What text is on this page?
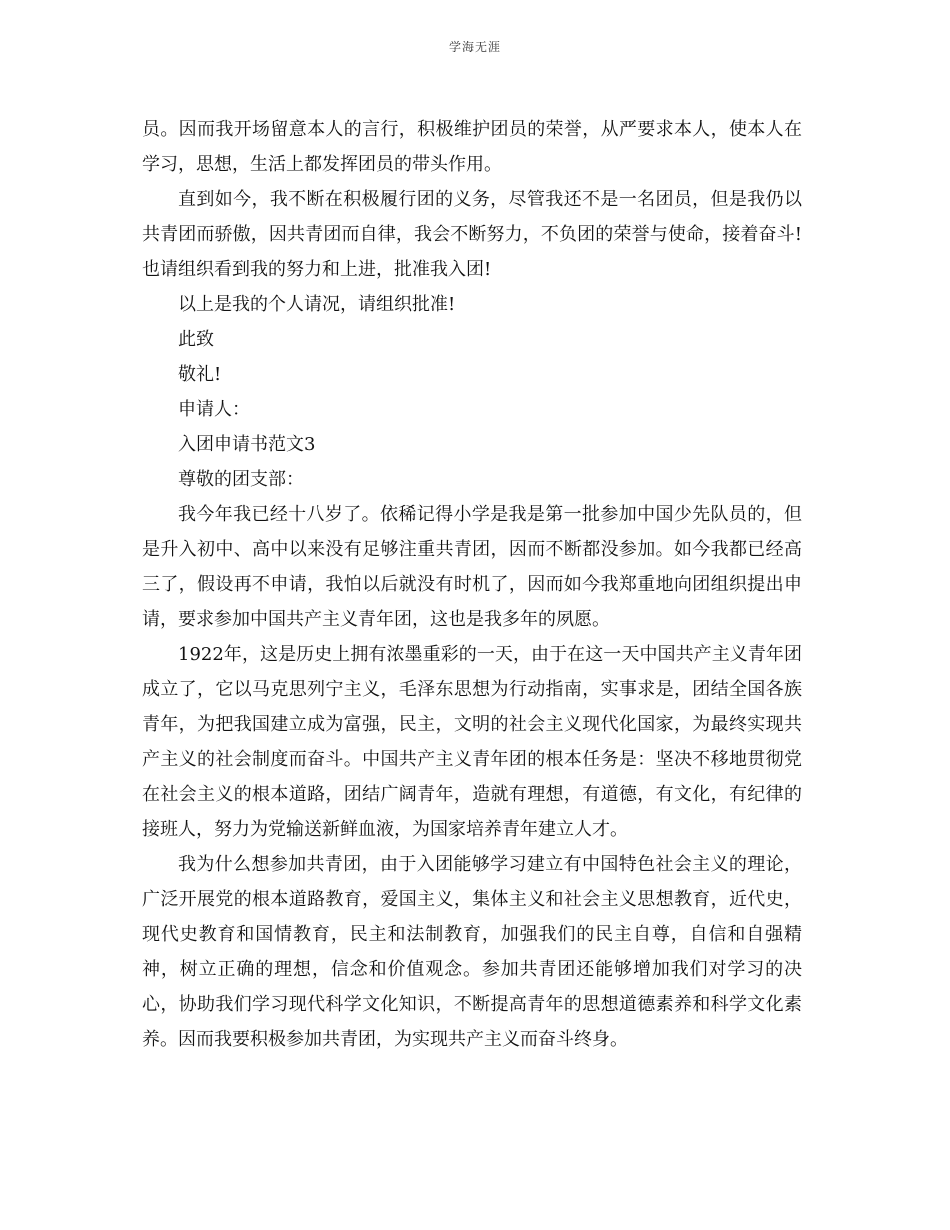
学海无涯

员。因而我开场留意本人的言行，积极维护团员的荣誉，从严要求本人，使本人在学习，思想，生活上都发挥团员的带头作用。

直到如今，我不断在积极履行团的义务，尽管我还不是一名团员，但是我仍以共青团而骄傲，因共青团而自律，我会不断努力，不负团的荣誉与使命，接着奋斗!也请组织看到我的努力和上进，批准我入团!

以上是我的个人请况，请组织批准!

此致

敬礼!

申请人：

入团申请书范文3

尊敬的团支部：

我今年我已经十八岁了。依稀记得小学是我是第一批参加中国少先队员的，但是升入初中、高中以来没有足够注重共青团，因而不断都没参加。如今我都已经高三了，假设再不申请，我怕以后就没有时机了，因而如今我郑重地向团组织提出申请，要求参加中国共产主义青年团，这也是我多年的夙愿。

1922年，这是历史上拥有浓墨重彩的一天，由于在这一天中国共产主义青年团成立了，它以马克思列宁主义，毛泽东思想为行动指南，实事求是，团结全国各族青年，为把我国建立成为富强，民主，文明的社会主义现代化国家，为最终实现共产主义的社会制度而奋斗。中国共产主义青年团的根本任务是：坚决不移地贯彻党在社会主义的根本道路，团结广阔青年，造就有理想，有道德，有文化，有纪律的接班人，努力为党输送新鲜血液，为国家培养青年建立人才。

我为什么想参加共青团，由于入团能够学习建立有中国特色社会主义的理论，广泛开展党的根本道路教育，爱国主义，集体主义和社会主义思想教育，近代史，现代史教育和国情教育，民主和法制教育，加强我们的民主自尊，自信和自强精神，树立正确的理想，信念和价值观念。参加共青团还能够增加我们对学习的决心，协助我们学习现代科学文化知识，不断提高青年的思想道德素养和科学文化素养。因而我要积极参加共青团，为实现共产主义而奋斗终身。
